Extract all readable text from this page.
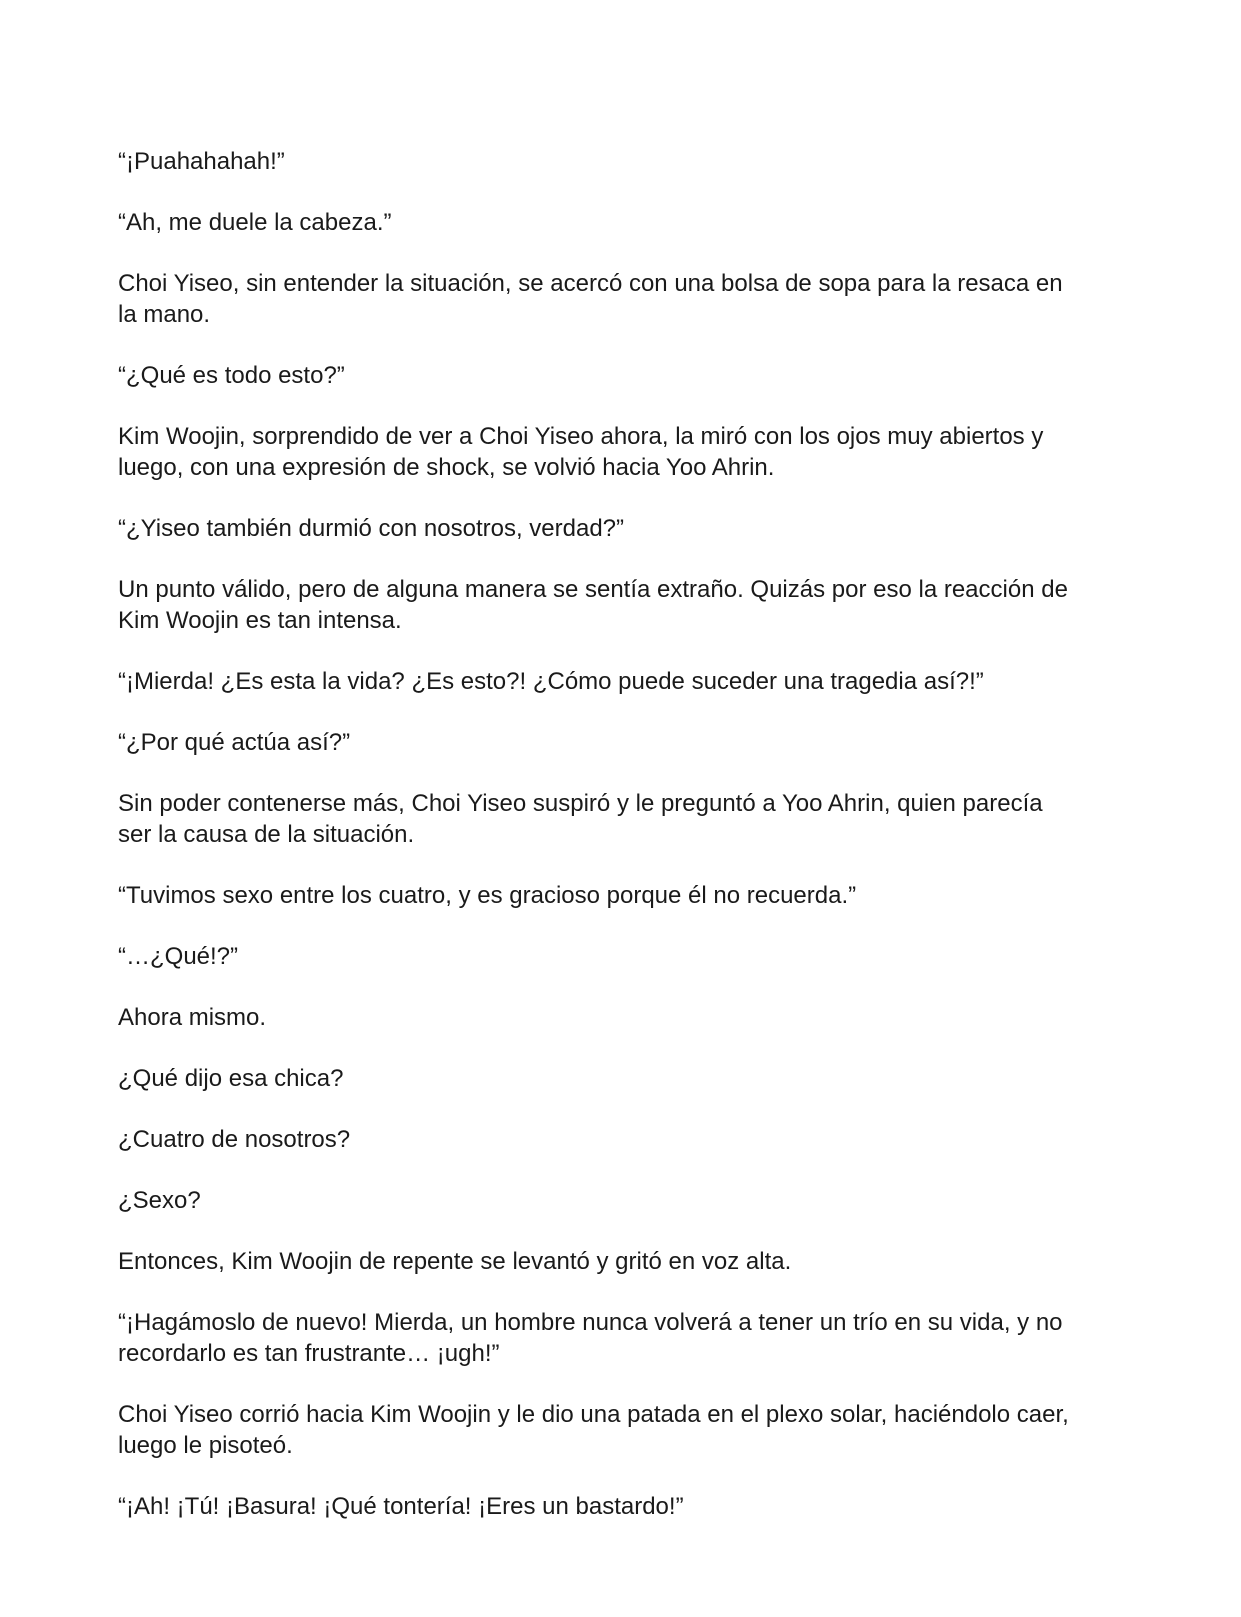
“¡Puahahahah!”

“Ah, me duele la cabeza.”

Choi Yiseo, sin entender la situación, se acercó con una bolsa de sopa para la resaca en la mano.

“¿Qué es todo esto?”

Kim Woojin, sorprendido de ver a Choi Yiseo ahora, la miró con los ojos muy abiertos y luego, con una expresión de shock, se volvió hacia Yoo Ahrin.

“¿Yiseo también durmió con nosotros, verdad?”

Un punto válido, pero de alguna manera se sentía extraño. Quizás por eso la reacción de Kim Woojin es tan intensa.

“¡Mierda! ¿Es esta la vida? ¿Es esto?! ¿Cómo puede suceder una tragedia así?!”

“¿Por qué actúa así?”

Sin poder contenerse más, Choi Yiseo suspiró y le preguntó a Yoo Ahrin, quien parecía ser la causa de la situación.

“Tuvimos sexo entre los cuatro, y es gracioso porque él no recuerda.”

“…¿Qué!?”

Ahora mismo.

¿Qué dijo esa chica?

¿Cuatro de nosotros?

¿Sexo?

Entonces, Kim Woojin de repente se levantó y gritó en voz alta.

“¡Hagámoslo de nuevo! Mierda, un hombre nunca volverá a tener un trío en su vida, y no recordarlo es tan frustrante… ¡ugh!”

Choi Yiseo corrió hacia Kim Woojin y le dio una patada en el plexo solar, haciéndolo caer, luego le pisoteó.

“¡Ah! ¡Tú! ¡Basura! ¡Qué tontería! ¡Eres un bastardo!”
